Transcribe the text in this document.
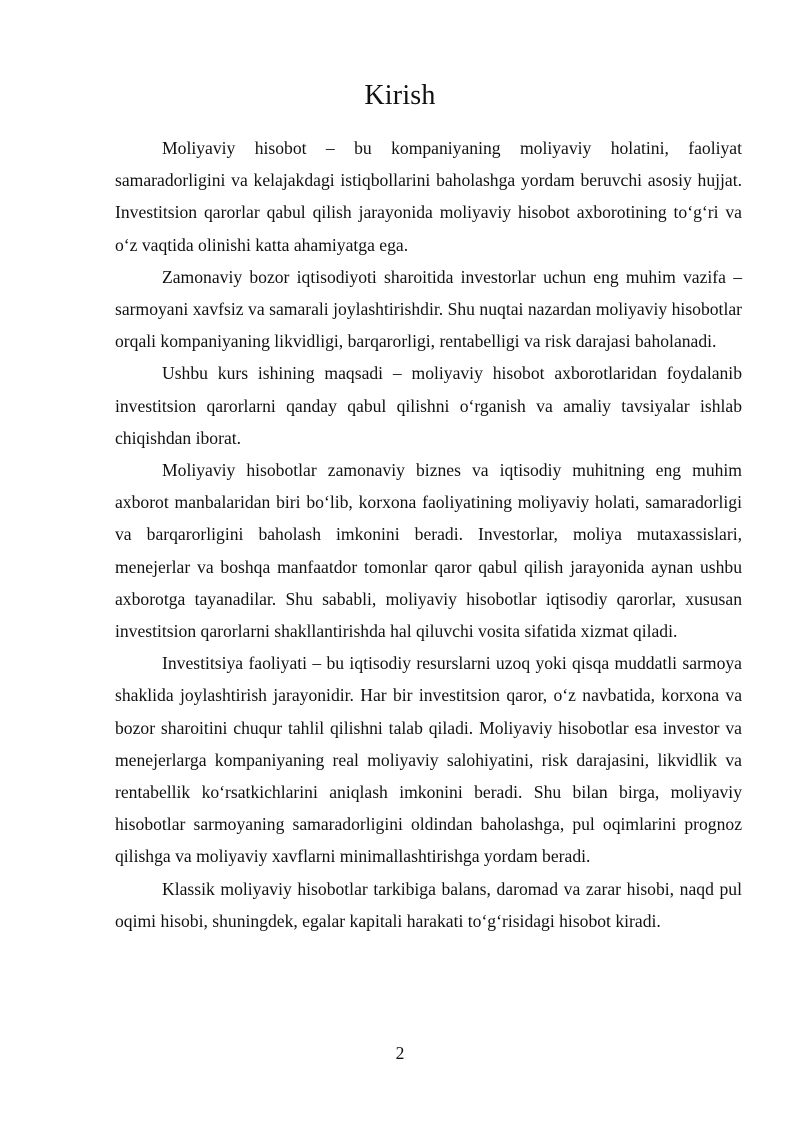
Kirish

Moliyaviy hisobot – bu kompaniyaning moliyaviy holatini, faoliyat samaradorligini va kelajakdagi istiqbollarini baholashga yordam beruvchi asosiy hujjat. Investitsion qarorlar qabul qilish jarayonida moliyaviy hisobot axborotining to‘g‘ri va o‘z vaqtida olinishi katta ahamiyatga ega.

Zamonaviy bozor iqtisodiyoti sharoitida investorlar uchun eng muhim vazifa – sarmoyani xavfsiz va samarali joylashtirishdir. Shu nuqtai nazardan moliyaviy hisobotlar orqali kompaniyaning likvidligi, barqarorligi, rentabelligi va risk darajasi baholanadi.

Ushbu kurs ishining maqsadi – moliyaviy hisobot axborotlaridan foydalanib investitsion qarorlarni qanday qabul qilishni o‘rganish va amaliy tavsiyalar ishlab chiqishdan iborat.

Moliyaviy hisobotlar zamonaviy biznes va iqtisodiy muhitning eng muhim axborot manbalaridan biri bo‘lib, korxona faoliyatining moliyaviy holati, samaradorligi va barqarorligini baholash imkonini beradi. Investorlar, moliya mutaxassislari, menejerlar va boshqa manfaatdor tomonlar qaror qabul qilish jarayonida aynan ushbu axborotga tayanadilar. Shu sababli, moliyaviy hisobotlar iqtisodiy qarorlar, xususan investitsion qarorlarni shakllantirishda hal qiluvchi vosita sifatida xizmat qiladi.

Investitsiya faoliyati – bu iqtisodiy resurslarni uzoq yoki qisqa muddatli sarmoya shaklida joylashtirish jarayonidir. Har bir investitsion qaror, o‘z navbatida, korxona va bozor sharoitini chuqur tahlil qilishni talab qiladi. Moliyaviy hisobotlar esa investor va menejerlarga kompaniyaning real moliyaviy salohiyatini, risk darajasini, likvidlik va rentabellik ko‘rsatkichlarini aniqlash imkonini beradi. Shu bilan birga, moliyaviy hisobotlar sarmoyaning samaradorligini oldindan baholashga, pul oqimlarini prognoz qilishga va moliyaviy xavflarni minimallashtirishga yordam beradi.

Klassik moliyaviy hisobotlar tarkibiga balans, daromad va zarar hisobi, naqd pul oqimi hisobi, shuningdek, egalar kapitali harakati to‘g‘risidagi hisobot kiradi.

2
